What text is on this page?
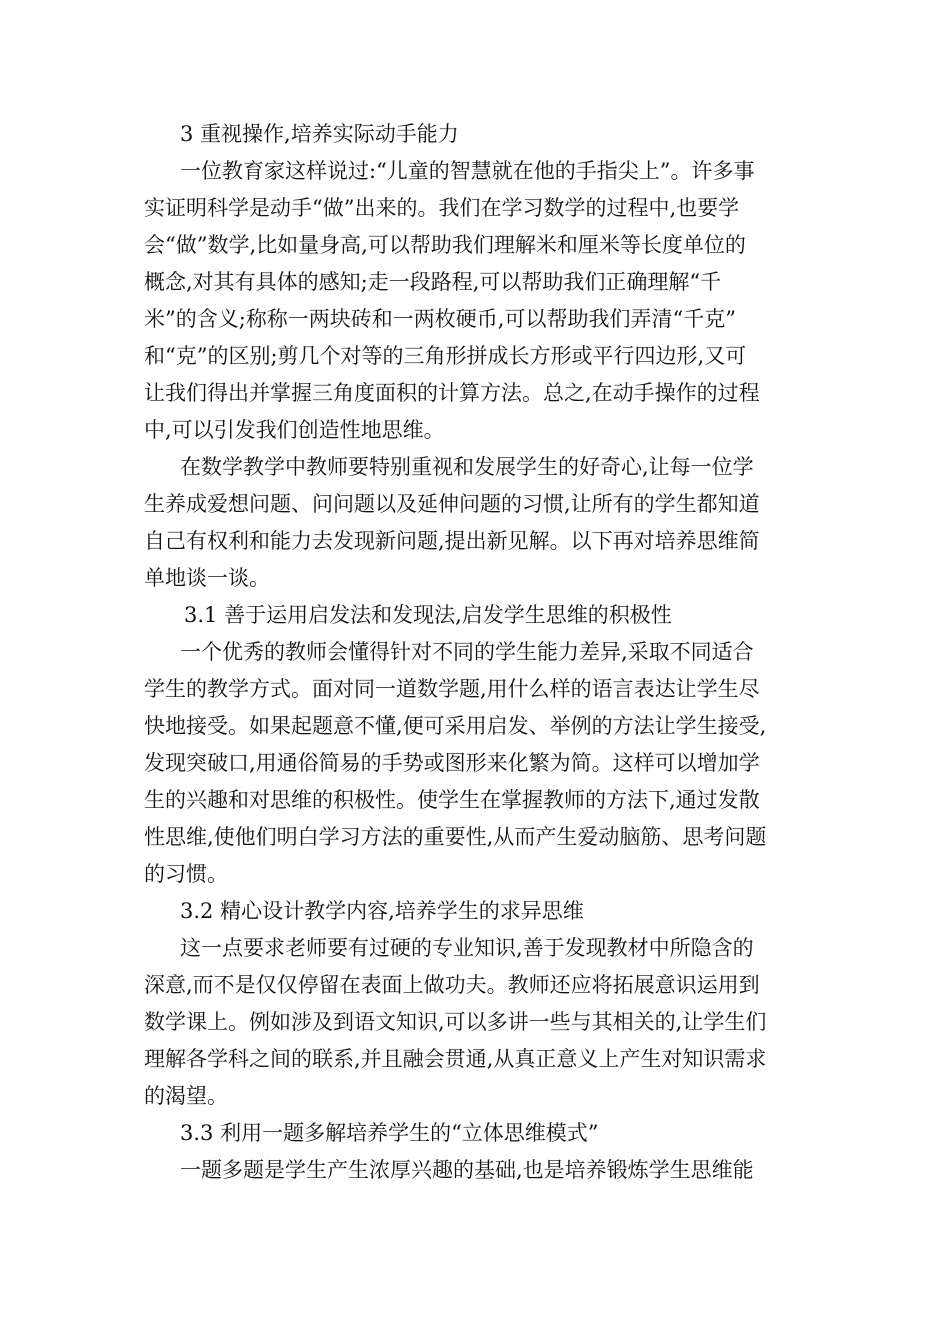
3 重视操作,培养实际动手能力
一位教育家这样说过:“儿童的智慧就在他的手指尖上”。许多事
实证明科学是动手“做”出来的。我们在学习数学的过程中,也要学
会“做”数学,比如量身高,可以帮助我们理解米和厘米等长度单位的
概念,对其有具体的感知;走一段路程,可以帮助我们正确理解“千
米”的含义;称称一两块砖和一两枚硬币,可以帮助我们弄清“千克”
和“克”的区别;剪几个对等的三角形拼成长方形或平行四边形,又可
让我们得出并掌握三角度面积的计算方法。总之,在动手操作的过程
中,可以引发我们创造性地思维。
在数学教学中教师要特别重视和发展学生的好奇心,让每一位学
生养成爱想问题、问问题以及延伸问题的习惯,让所有的学生都知道
自己有权利和能力去发现新问题,提出新见解。以下再对培养思维简
单地谈一谈。
3.1 善于运用启发法和发现法,启发学生思维的积极性
一个优秀的教师会懂得针对不同的学生能力差异,采取不同适合
学生的教学方式。面对同一道数学题,用什么样的语言表达让学生尽
快地接受。如果起题意不懂,便可采用启发、举例的方法让学生接受,
发现突破口,用通俗简易的手势或图形来化繁为简。这样可以增加学
生的兴趣和对思维的积极性。使学生在掌握教师的方法下,通过发散
性思维,使他们明白学习方法的重要性,从而产生爱动脑筋、思考问题
的习惯。
3.2 精心设计教学内容,培养学生的求异思维
这一点要求老师要有过硬的专业知识,善于发现教材中所隐含的
深意,而不是仅仅停留在表面上做功夫。教师还应将拓展意识运用到
数学课上。例如涉及到语文知识,可以多讲一些与其相关的,让学生们
理解各学科之间的联系,并且融会贯通,从真正意义上产生对知识需求
的渴望。
3.3 利用一题多解培养学生的“立体思维模式”
一题多题是学生产生浓厚兴趣的基础,也是培养锻炼学生思维能
